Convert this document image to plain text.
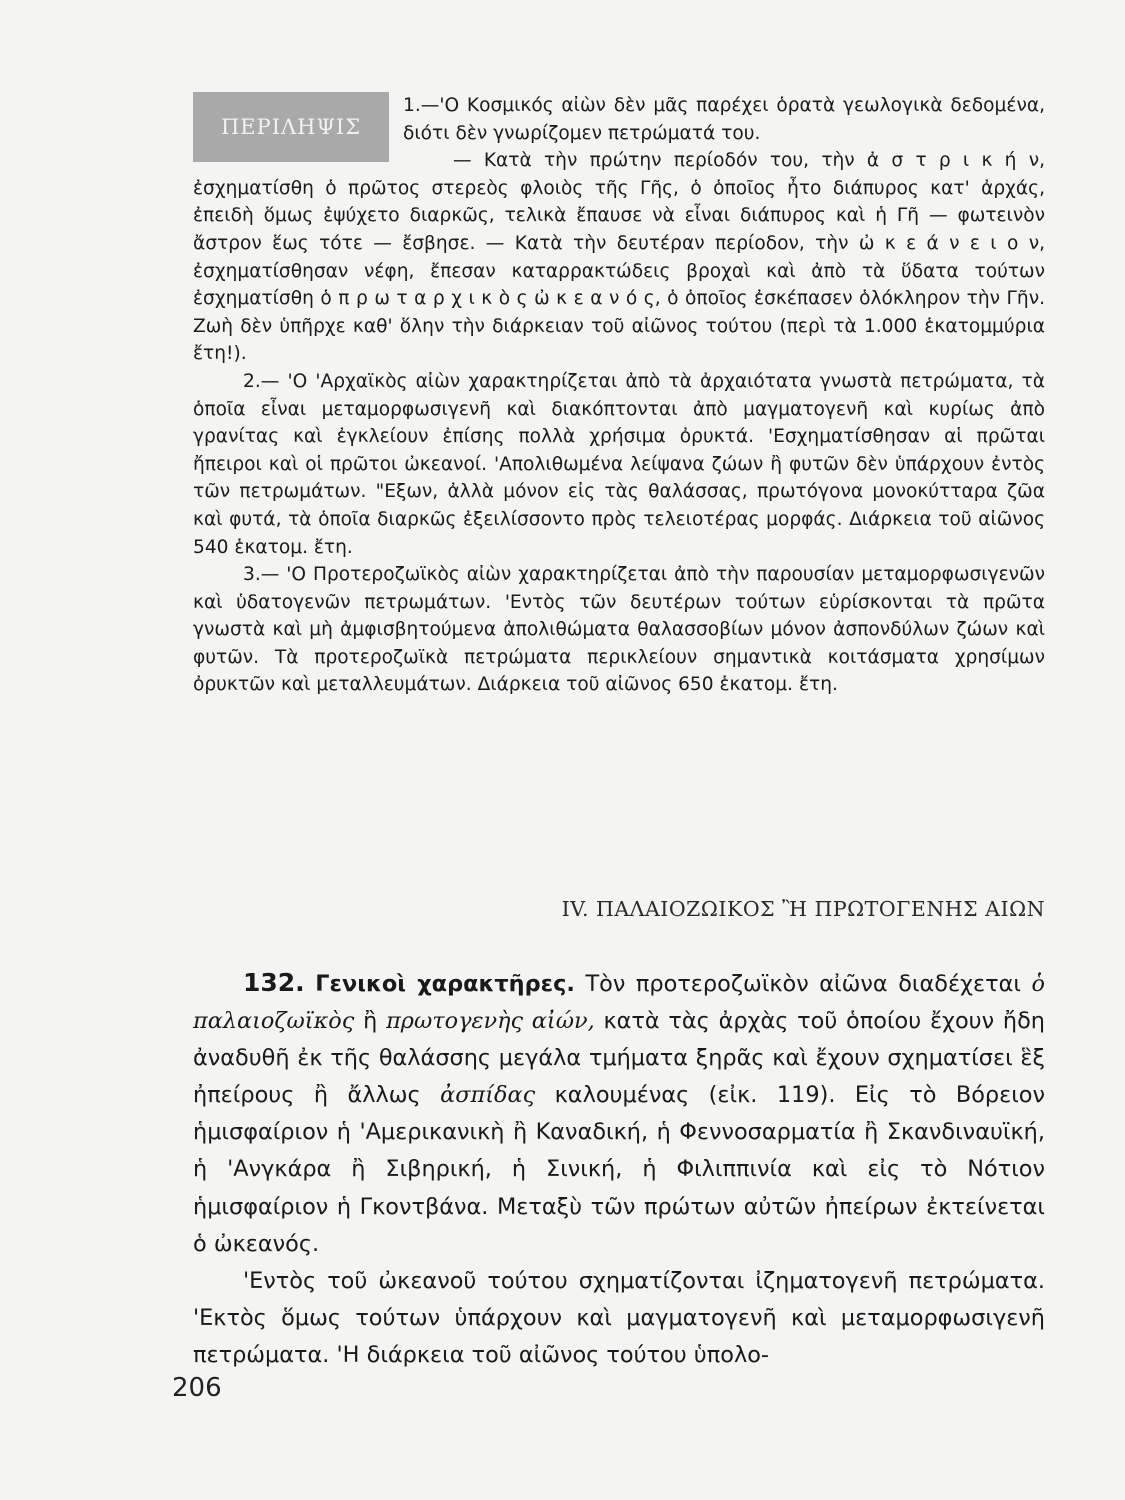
ΠΕΡΙΛΗΨΙΣ

1.—'Ο Κοσμικός αἰὼν δὲν μᾶς παρέχει ὁρατὰ γεωλογικὰ δεδομένα, διότι δὲν γνωρίζομεν πετρώματά του.

— Κατὰ τὴν πρώτην περίοδόν του, τὴν ἀ σ τ ρ ι κ ή ν, ἐσχηματίσθη ὁ πρῶτος στερεὸς φλοιὸς τῆς Γῆς, ὁ ὁποῖος ἦτο διάπυρος κατ' ἀρχάς, ἐπειδὴ ὅμως ἐψύχετο διαρκῶς, τελικὰ ἔπαυσε νὰ εἶναι διάπυρος καὶ ἡ Γῆ — φωτεινὸν ἄστρον ἕως τότε — ἔσβησε. — Κατὰ τὴν δευτέραν περίοδον, τὴν ὠ κ ε ά ν ε ι ο ν, ἐσχηματίσθησαν νέφη, ἔπεσαν καταρρακτώδεις βροχαὶ καὶ ἀπὸ τὰ ὕδατα τούτων ἐσχηματίσθη ὁ π ρ ω τ α ρ χ ι κ ὸ ς ὠ κ ε α ν ό ς, ὁ ὁποῖος ἐσκέπασεν ὁλόκληρον τὴν Γῆν. Ζωὴ δὲν ὑπῆρχε καθ' ὅλην τὴν διάρκειαν τοῦ αἰῶνος τούτου (περὶ τὰ 1.000 ἑκατομμύρια ἔτη!).

2.— 'Ο 'Αρχαϊκὸς αἰὼν χαρακτηρίζεται ἀπὸ τὰ ἀρχαιότατα γνωστὰ πετρώματα, τὰ ὁποῖα εἶναι μεταμορφωσιγενῆ καὶ διακόπτονται ἀπὸ μαγματογενῆ καὶ κυρίως ἀπὸ γρανίτας καὶ ἐγκλείουν ἐπίσης πολλὰ χρήσιμα ὀρυκτά. 'Εσχηματίσθησαν αἱ πρῶται ἤπειροι καὶ οἱ πρῶτοι ὠκεανοί. 'Απολιθωμένα λείψανα ζώων ἢ φυτῶν δὲν ὑπάρχουν ἐντὸς τῶν πετρωμάτων. "Εξων, ἀλλὰ μόνον εἰς τὰς θαλάσσας, πρωτόγονα μονοκύτταρα ζῶα καὶ φυτά, τὰ ὁποῖα διαρκῶς ἐξειλίσσοντο πρὸς τελειοτέρας μορφάς. Διάρκεια τοῦ αἰῶνος 540 ἑκατομ. ἔτη.

3.— 'Ο Προτεροζωϊκὸς αἰὼν χαρακτηρίζεται ἀπὸ τὴν παρουσίαν μεταμορφωσιγενῶν καὶ ὑδατογενῶν πετρωμάτων. 'Εντὸς τῶν δευτέρων τούτων εὑρίσκονται τὰ πρῶτα γνωστὰ καὶ μὴ ἀμφισβητούμενα ἀπολιθώματα θαλασσοβίων μόνον ἀσπονδύλων ζώων καὶ φυτῶν. Τὰ προτεροζωϊκὰ πετρώματα περικλείουν σημαντικὰ κοιτάσματα χρησίμων ὀρυκτῶν καὶ μεταλλευμάτων. Διάρκεια τοῦ αἰῶνος 650 ἑκατομ. ἔτη.

IV. ΠΑΛΑΙΟΖΩΙΚΟΣ Ἢ ΠΡΩΤΟΓΕΝΗΣ ΑΙΩΝ

132. Γενικοὶ χαρακτῆρες. Τὸν προτεροζωϊκὸν αἰῶνα διαδέχεται ὁ παλαιοζωϊκὸς ἢ πρωτογενὴς αἰών, κατὰ τὰς ἀρχὰς τοῦ ὁποίου ἔχουν ἤδη ἀναδυθῆ ἐκ τῆς θαλάσσης μεγάλα τμήματα ξηρᾶς καὶ ἔχουν σχηματίσει ἓξ ἠπείρους ἢ ἄλλως ἀσπίδας καλουμένας (εἰκ. 119). Εἰς τὸ Βόρειον ἡμισφαίριον ἡ 'Αμερικανικὴ ἢ Καναδική, ἡ Φεννοσαρματία ἢ Σκανδιναυϊκή, ἡ 'Ανγκάρα ἢ Σιβηρική, ἡ Σινική, ἡ Φιλιππινία καὶ εἰς τὸ Νότιον ἡμισφαίριον ἡ Γκοντβάνα. Μεταξὺ τῶν πρώτων αὐτῶν ἠπείρων ἐκτείνεται ὁ ὠκεανός.

'Εντὸς τοῦ ὠκεανοῦ τούτου σχηματίζονται ἰζηματογενῆ πετρώματα. 'Εκτὸς ὅμως τούτων ὑπάρχουν καὶ μαγματογενῆ καὶ μεταμορφωσιγενῆ πετρώματα. 'Η διάρκεια τοῦ αἰῶνος τούτου ὑπολο-

206
